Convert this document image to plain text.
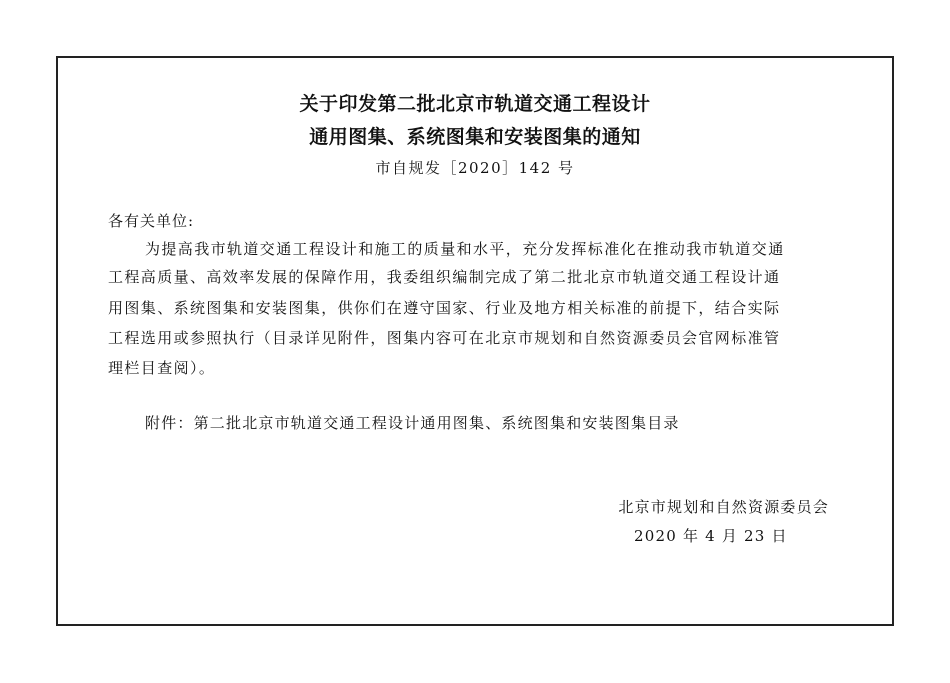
关于印发第二批北京市轨道交通工程设计
通用图集、系统图集和安装图集的通知
市自规发［2020］142 号
各有关单位:
为提高我市轨道交通工程设计和施工的质量和水平，充分发挥标准化在推动我市轨道交通
工程高质量、高效率发展的保障作用，我委组织编制完成了第二批北京市轨道交通工程设计通
用图集、系统图集和安装图集，供你们在遵守国家、行业及地方相关标准的前提下，结合实际
工程选用或参照执行（目录详见附件，图集内容可在北京市规划和自然资源委员会官网标准管
理栏目查阅）。
附件：第二批北京市轨道交通工程设计通用图集、系统图集和安装图集目录
北京市规划和自然资源委员会
2020 年 4 月 23 日
